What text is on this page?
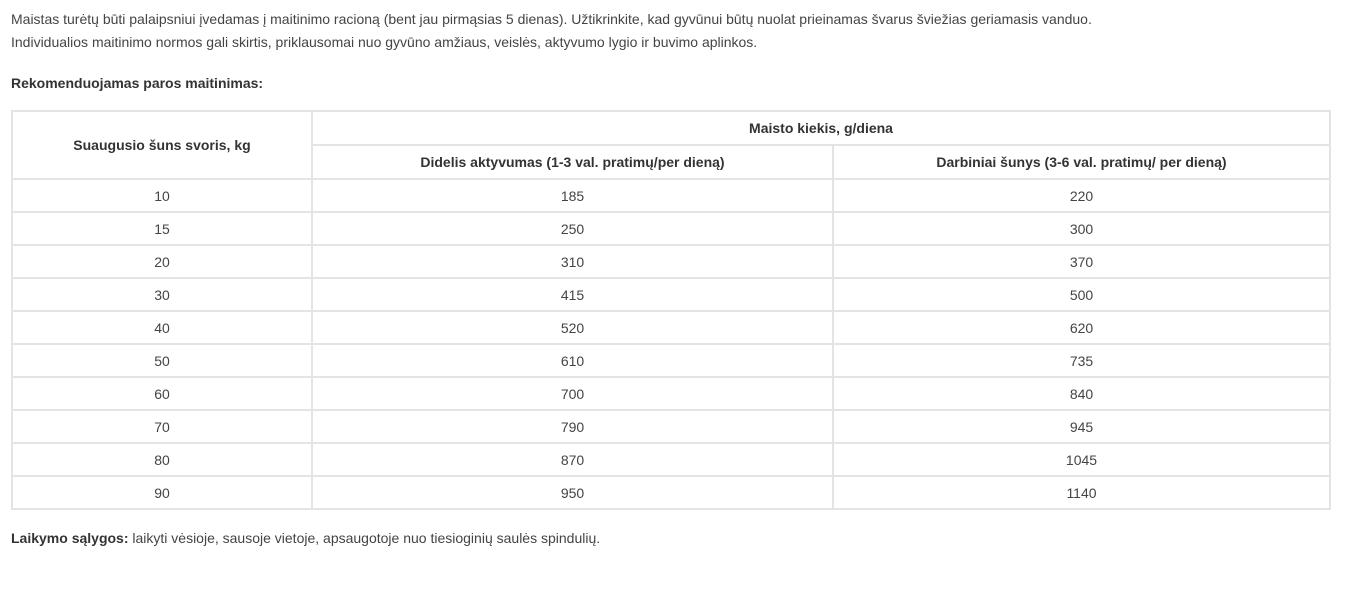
Maistas turėtų būti palaipsniui įvedamas į maitinimo racioną (bent jau pirmąsias 5 dienas). Užtikrinkite, kad gyvūnui būtų nuolat prieinamas švarus šviežias geriamasis vanduo.

Individualios maitinimo normos gali skirtis, priklausomai nuo gyvūno amžiaus, veislės, aktyvumo lygio ir buvimo aplinkos.

Rekomenduojamas paros maitinimas:

Suaugusio šuns svoris, kg	Maisto kiekis, g/diena	
	Didelis aktyvumas (1-3 val. pratimų/per dieną)	Darbiniai šunys (3-6 val. pratimų/ per dieną)
10	185	220
15	250	300
20	310	370
30	415	500
40	520	620
50	610	735
60	700	840
70	790	945
80	870	1045
90	950	1140

Laikymo sąlygos: laikyti vėsioje, sausoje vietoje, apsaugotoje nuo tiesioginių saulės spindulių.
